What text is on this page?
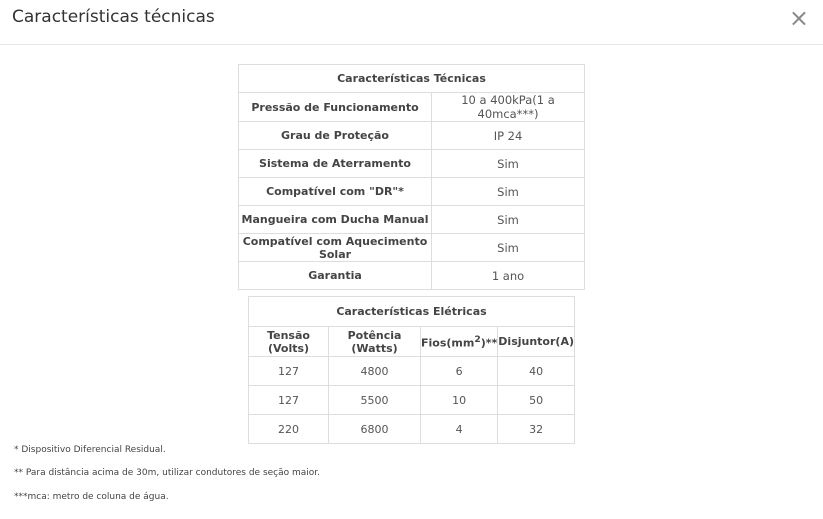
Características técnicas	×
Características Técnicas	
Pressão de Funcionamento	10 a 400kPa(1 a 40mca***)
Grau de Proteção	IP 24
Sistema de Aterramento	Sim
Compatível com "DR"*	Sim
Mangueira com Ducha Manual	Sim
Compatível com Aquecimento Solar	Sim
Garantia	1 ano
Características Elétricas			
Tensão (Volts)	Potência (Watts)	$Fios(mm^2)**$	Disjuntor(A)
127	4800	6	40
127	5500	10	50
220	6800	4	32
* Dispositivo Diferencial Residual.
** Para distância acima de 30m, utilizar condutores de seção maior.
***mca: metro de coluna de água.
